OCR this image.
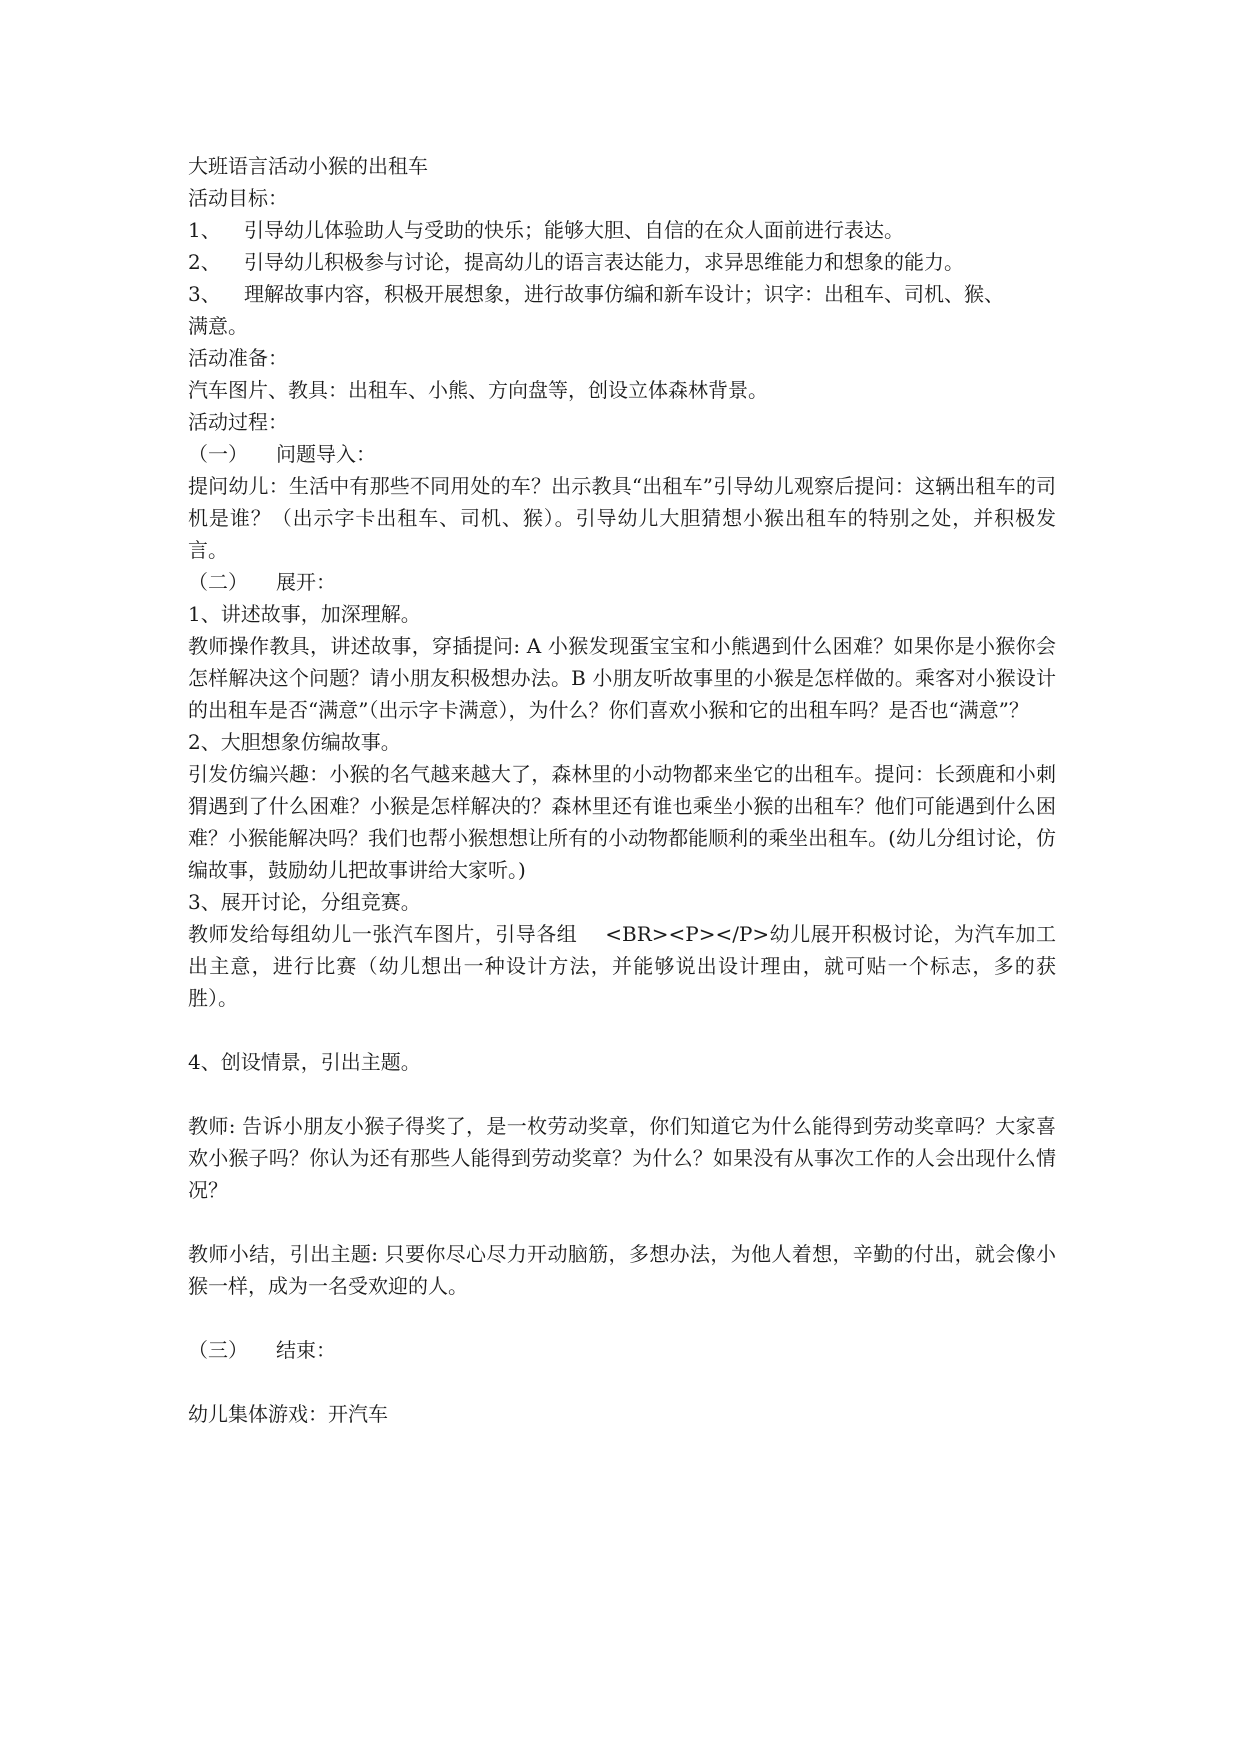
大班语言活动小猴的出租车
活动目标：
1、 引导幼儿体验助人与受助的快乐；能够大胆、自信的在众人面前进行表达。
2、 引导幼儿积极参与讨论，提高幼儿的语言表达能力，求异思维能力和想象的能力。
3、 理解故事内容，积极开展想象，进行故事仿编和新车设计；识字：出租车、司机、猴、
满意。
活动准备：
汽车图片、教具：出租车、小熊、方向盘等，创设立体森林背景。
活动过程：
（一） 问题导入：
提问幼儿：生活中有那些不同用处的车？出示教具“出租车”引导幼儿观察后提问：这辆出租车的司机是谁？（出示字卡出租车、司机、猴）。引导幼儿大胆猜想小猴出租车的特别之处，并积极发言。
（二） 展开：
1、讲述故事，加深理解。
教师操作教具，讲述故事，穿插提问: A 小猴发现蛋宝宝和小熊遇到什么困难？如果你是小猴你会怎样解决这个问题？请小朋友积极想办法。B 小朋友听故事里的小猴是怎样做的。乘客对小猴设计的出租车是否“满意”（出示字卡满意），为什么？你们喜欢小猴和它的出租车吗？是否也“满意”？
2、大胆想象仿编故事。
引发仿编兴趣：小猴的名气越来越大了，森林里的小动物都来坐它的出租车。提问：长颈鹿和小刺猬遇到了什么困难？小猴是怎样解决的？森林里还有谁也乘坐小猴的出租车？他们可能遇到什么困难？小猴能解决吗？我们也帮小猴想想让所有的小动物都能顺利的乘坐出租车。(幼儿分组讨论，仿编故事，鼓励幼儿把故事讲给大家听。)
3、展开讨论，分组竞赛。
教师发给每组幼儿一张汽车图片，引导各组 <BR><P></P>幼儿展开积极讨论，为汽车加工出主意，进行比赛（幼儿想出一种设计方法，并能够说出设计理由，就可贴一个标志，多的获胜）。
4、创设情景，引出主题。
教师: 告诉小朋友小猴子得奖了，是一枚劳动奖章，你们知道它为什么能得到劳动奖章吗？大家喜欢小猴子吗？你认为还有那些人能得到劳动奖章？为什么？如果没有从事次工作的人会出现什么情况？
教师小结，引出主题: 只要你尽心尽力开动脑筋，多想办法，为他人着想，辛勤的付出，就会像小猴一样，成为一名受欢迎的人。
（三） 结束：
幼儿集体游戏：开汽车
